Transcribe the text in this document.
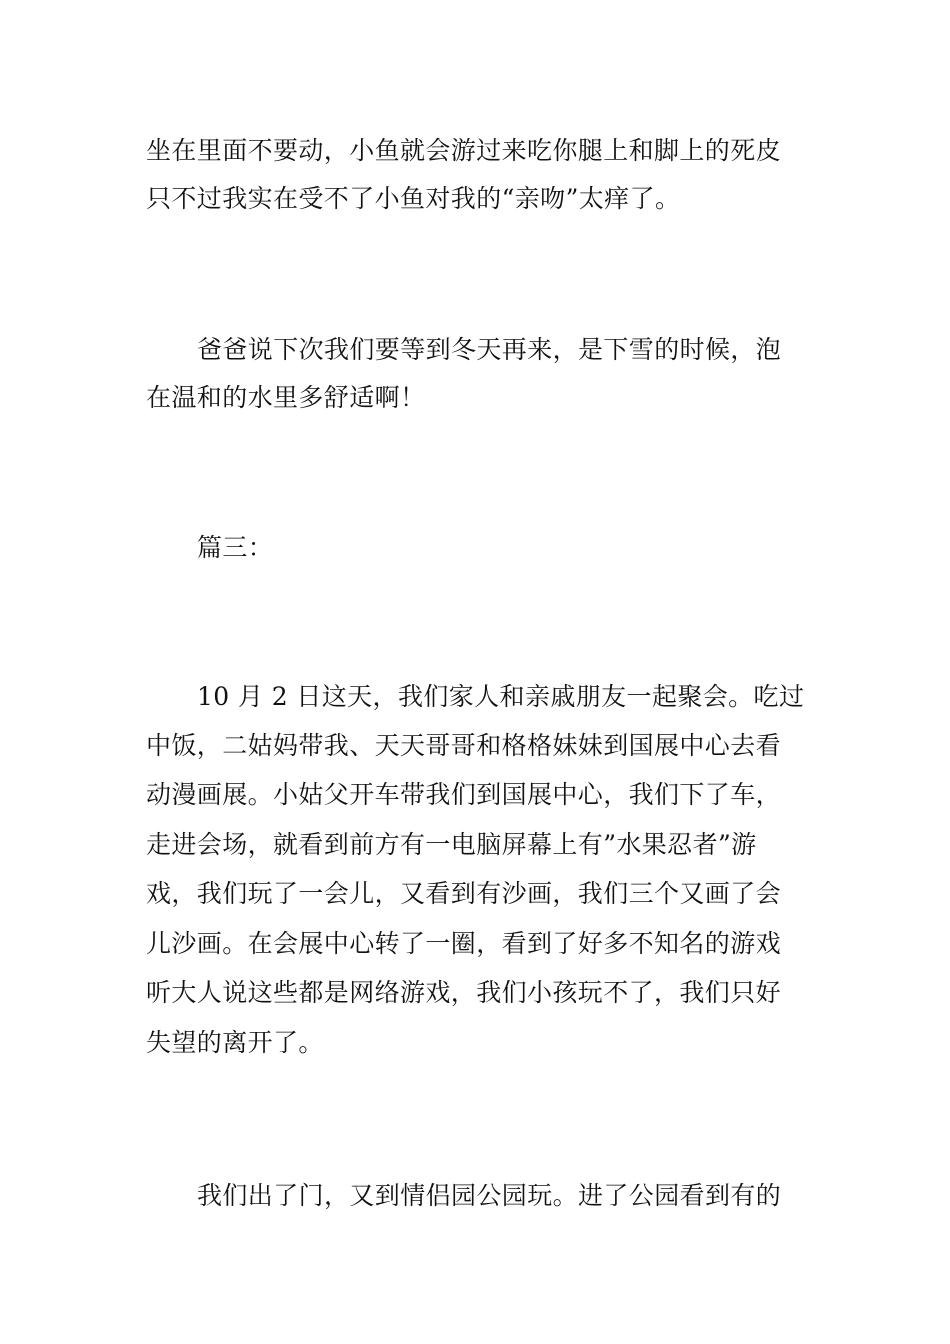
坐在里面不要动，小鱼就会游过来吃你腿上和脚上的死皮
只不过我实在受不了小鱼对我的“亲吻”太痒了。
爸爸说下次我们要等到冬天再来，是下雪的时候，泡
在温和的水里多舒适啊！
篇三：
10 月 2 日这天，我们家人和亲戚朋友一起聚会。吃过
中饭，二姑妈带我、天天哥哥和格格妹妹到国展中心去看
动漫画展。小姑父开车带我们到国展中心，我们下了车，
走进会场，就看到前方有一电脑屏幕上有”水果忍者”游
戏，我们玩了一会儿，又看到有沙画，我们三个又画了会
儿沙画。在会展中心转了一圈，看到了好多不知名的游戏
听大人说这些都是网络游戏，我们小孩玩不了，我们只好
失望的离开了。
我们出了门，又到情侣园公园玩。进了公园看到有的
